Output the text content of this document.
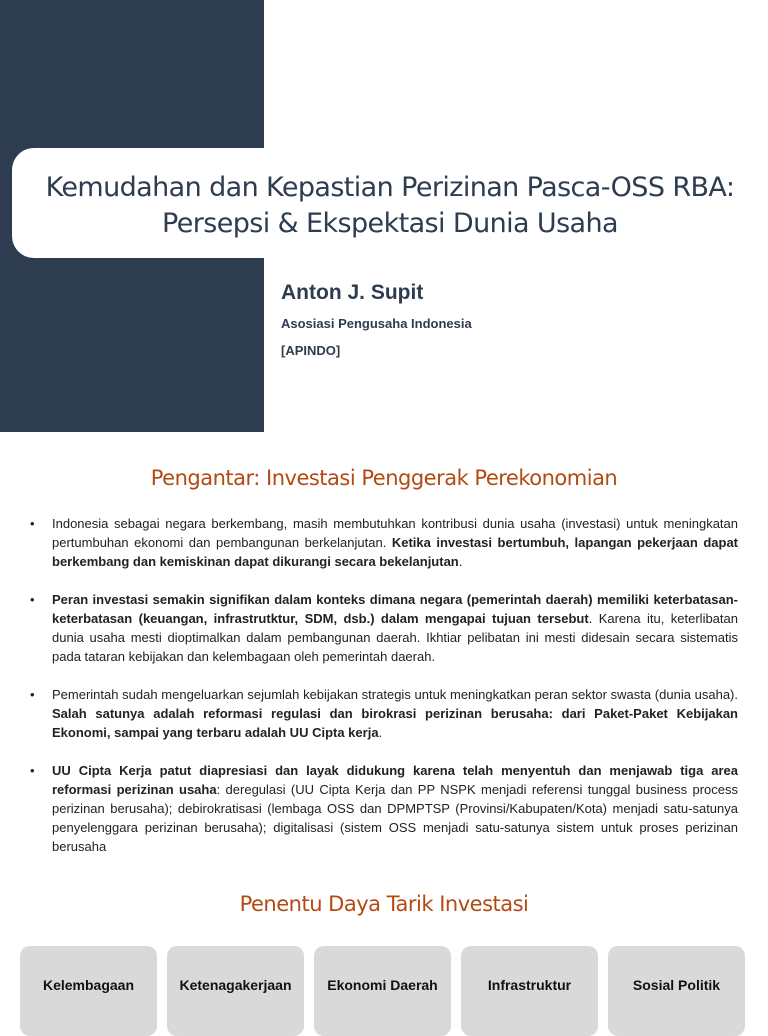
Kemudahan dan Kepastian Perizinan Pasca-OSS RBA:
Persepsi & Ekspektasi Dunia Usaha
Anton J. Supit
Asosiasi Pengusaha Indonesia
[APINDO]
Pengantar: Investasi Penggerak Perekonomian
• Indonesia sebagai negara berkembang, masih membutuhkan kontribusi dunia usaha (investasi) untuk meningkatan pertumbuhan ekonomi dan pembangunan berkelanjutan. Ketika investasi bertumbuh, lapangan pekerjaan dapat berkembang dan kemiskinan dapat dikurangi secara bekelanjutan.
• Peran investasi semakin signifikan dalam konteks dimana negara (pemerintah daerah) memiliki keterbatasan-keterbatasan (keuangan, infrastrutktur, SDM, dsb.) dalam mengapai tujuan tersebut. Karena itu, keterlibatan dunia usaha mesti dioptimalkan dalam pembangunan daerah. Ikhtiar pelibatan ini mesti didesain secara sistematis pada tataran kebijakan dan kelembagaan oleh pemerintah daerah.
• Pemerintah sudah mengeluarkan sejumlah kebijakan strategis untuk meningkatkan peran sektor swasta (dunia usaha). Salah satunya adalah reformasi regulasi dan birokrasi perizinan berusaha: dari Paket-Paket Kebijakan Ekonomi, sampai yang terbaru adalah UU Cipta kerja.
• UU Cipta Kerja patut diapresiasi dan layak didukung karena telah menyentuh dan menjawab tiga area reformasi perizinan usaha: deregulasi (UU Cipta Kerja dan PP NSPK menjadi referensi tunggal business process perizinan berusaha); debirokratisasi (lembaga OSS dan DPMPTSP (Provinsi/Kabupaten/Kota) menjadi satu-satunya penyelenggara perizinan berusaha); digitalisasi (sistem OSS menjadi satu-satunya sistem untuk proses perizinan berusaha
Penentu Daya Tarik Investasi
Kelembagaan	Ketenagakerjaan	Ekonomi Daerah	Infrastruktur	Sosial Politik
